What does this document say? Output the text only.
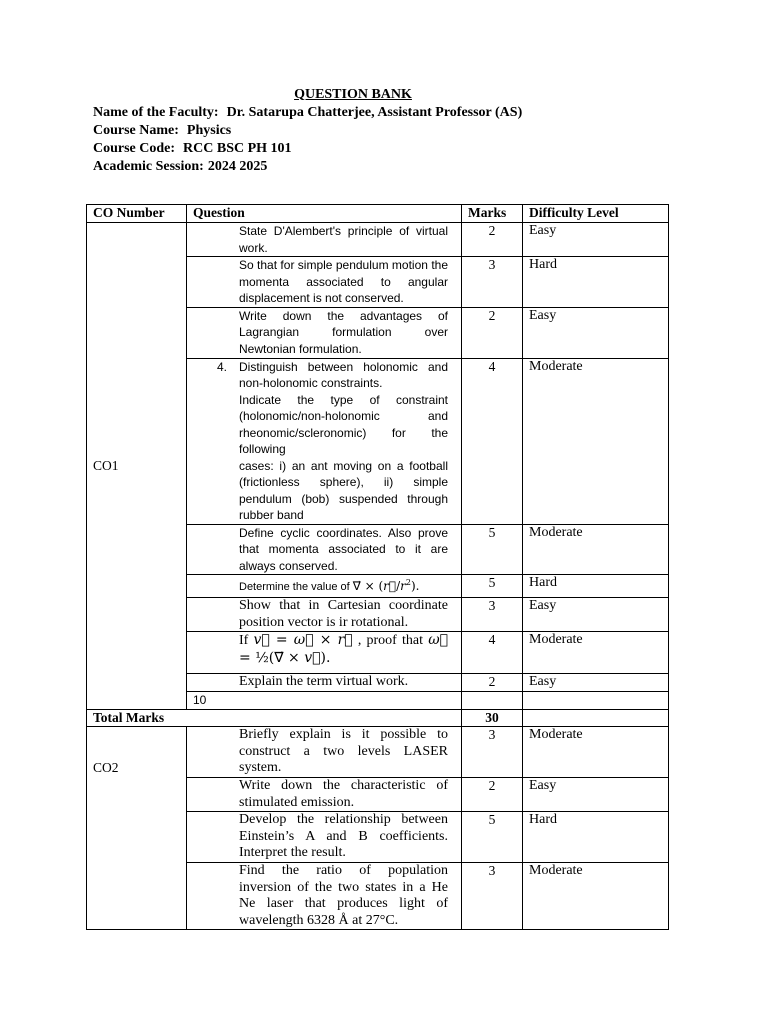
QUESTION BANK
Name of the Faculty: Dr. Satarupa Chatterjee, Assistant Professor (AS)
Course Name: Physics
Course Code: RCC BSC PH 101
Academic Session: 2024 2025
CO Number	Question	Marks	Difficulty Level
CO1	State D'Alembert's principle of virtual work.	2	Easy
	So that for simple pendulum motion the momenta associated to angular displacement is not conserved.	3	Hard
	Write down the advantages of Lagrangian formulation over Newtonian formulation.	2	Easy

	4. Distinguish between holonomic and non-holonomic constraints.
Indicate the type of constraint (holonomic/non-holonomic and rheonomic/scleronomic) for the following
cases: i) an ant moving on a football (frictionless sphere), ii) simple pendulum (bob) suspended through rubber band	4	Moderate
	Define cyclic coordinates. Also prove that momenta associated to it are always conserved.	5	Moderate
	Determine the value of ∇⃗ × $(r⃗/r^2)$.	5	Hard
	Show that in Cartesian coordinate position vector is ir rotational.	3	Easy
	If v⃗ = ω⃗ × r⃗ , proof that ω⃗ = ½(∇⃗ × v⃗).	4	Moderate
	Explain the term virtual work.	2	Easy
	10		
Total Marks		30	
CO2	Briefly explain is it possible to construct a two levels LASER system.	3	Moderate
	Write down the characteristic of stimulated emission.	2	Easy
	Develop the relationship between Einstein’s A and B coefficients. Interpret the result.	5	Hard
	Find the ratio of population inversion of the two states in a He Ne laser that produces light of wavelength 6328 Å at 27°C.	3	Moderate
